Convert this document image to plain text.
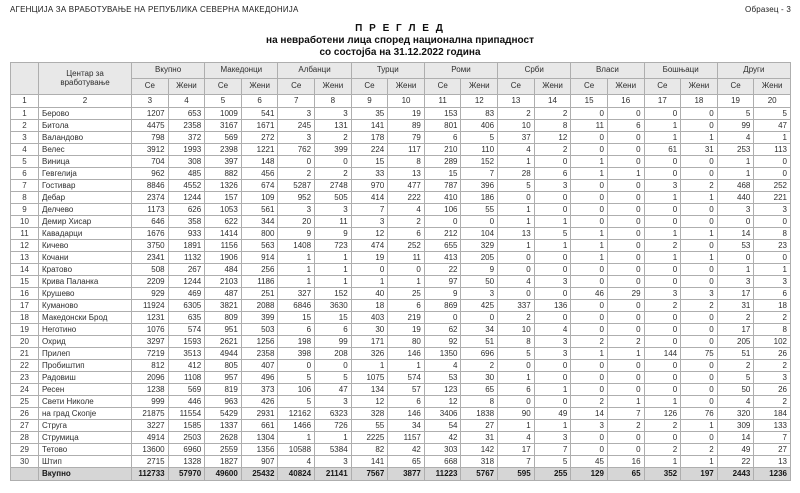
АГЕНЦИЈА ЗА ВРАБОТУВАЊЕ НА РЕПУБЛИКА СЕВЕРНА МАКЕДОНИЈА	Образец - 3
П Р Е Г Л Е Д
на невработени лица според национална припадност
со состојба на 31.12.2022 година
	Центар за вработување	Вкупно		Македонци		Албанци		Турци		Роми		Срби		Власи		Бошњаци		Други	
		Се	Жени	Се	Жени	Се	Жени	Се	Жени	Се	Жени	Се	Жени	Се	Жени	Се	Жени	Се	Жени
1	2	3	4	5	6	7	8	9	10	11	12	13	14	15	16	17	18	19	20
1	Берово	1207	653	1009	541	3	3	35	19	153	83	2	2	0	0	0	0	5	5
2	Битола	4475	2358	3167	1671	245	131	141	89	801	406	10	8	11	6	1	0	99	47
3	Валандово	798	372	569	272	3	2	178	79	6	5	37	12	0	0	1	1	4	1
4	Велес	3912	1993	2398	1221	762	399	224	117	210	110	4	2	0	0	61	31	253	113
5	Виница	704	308	397	148	0	0	15	8	289	152	1	0	1	0	0	0	1	0
6	Гевгелија	962	485	882	456	2	2	33	13	15	7	28	6	1	1	0	0	1	0
7	Гостивар	8846	4552	1326	674	5287	2748	970	477	787	396	5	3	0	0	3	2	468	252
8	Дебар	2374	1244	157	109	952	505	414	222	410	186	0	0	0	0	1	1	440	221
9	Делчево	1173	626	1053	561	3	3	7	4	106	55	1	0	0	0	0	0	3	3
10	Демир Хисар	646	358	622	344	20	11	3	2	0	0	1	1	0	0	0	0	0	0
11	Кавадарци	1676	933	1414	800	9	9	12	6	212	104	13	5	1	0	1	1	14	8
12	Кичево	3750	1891	1156	563	1408	723	474	252	655	329	1	1	1	0	2	0	53	23
13	Кочани	2341	1132	1906	914	1	1	19	11	413	205	0	0	1	0	1	1	0	0
14	Кратово	508	267	484	256	1	1	0	0	22	9	0	0	0	0	0	0	1	1
15	Крива Паланка	2209	1244	2103	1186	1	1	1	1	97	50	4	3	0	0	0	0	3	3
16	Крушево	929	469	487	251	327	152	40	25	9	3	0	0	46	29	3	3	17	6
17	Куманово	11924	6305	3821	2088	6846	3630	18	6	869	425	337	136	0	0	2	2	31	18
18	Македонски Брод	1231	635	809	399	15	15	403	219	0	0	2	0	0	0	0	0	2	2
19	Неготино	1076	574	951	503	6	6	30	19	62	34	10	4	0	0	0	0	17	8
20	Охрид	3297	1593	2621	1256	198	99	171	80	92	51	8	3	2	2	0	0	205	102
21	Прилеп	7219	3513	4944	2358	398	208	326	146	1350	696	5	3	1	1	144	75	51	26
22	Пробиштип	812	412	805	407	0	0	1	1	4	2	0	0	0	0	0	0	2	2
23	Радовиш	2096	1108	957	496	5	5	1075	574	53	30	1	0	0	0	0	0	5	3
24	Ресен	1238	569	819	373	106	47	134	57	123	65	6	1	0	0	0	0	50	26
25	Свети Николе	999	446	963	426	5	3	12	6	12	8	0	0	2	1	1	0	4	2
26	на град Скопје	21875	11554	5429	2931	12162	6323	328	146	3406	1838	90	49	14	7	126	76	320	184
27	Струга	3227	1585	1337	661	1466	726	55	34	54	27	1	1	3	2	2	1	309	133
28	Струмица	4914	2503	2628	1304	1	1	2225	1157	42	31	4	3	0	0	0	0	14	7
29	Тетово	13600	6960	2559	1356	10588	5384	82	42	303	142	17	7	0	0	2	2	49	27
30	Штип	2715	1328	1827	907	4	3	141	65	668	318	7	5	45	16	1	1	22	13
	Вкупно	112733	57970	49600	25432	40824	21141	7567	3877	11223	5767	595	255	129	65	352	197	2443	1236
